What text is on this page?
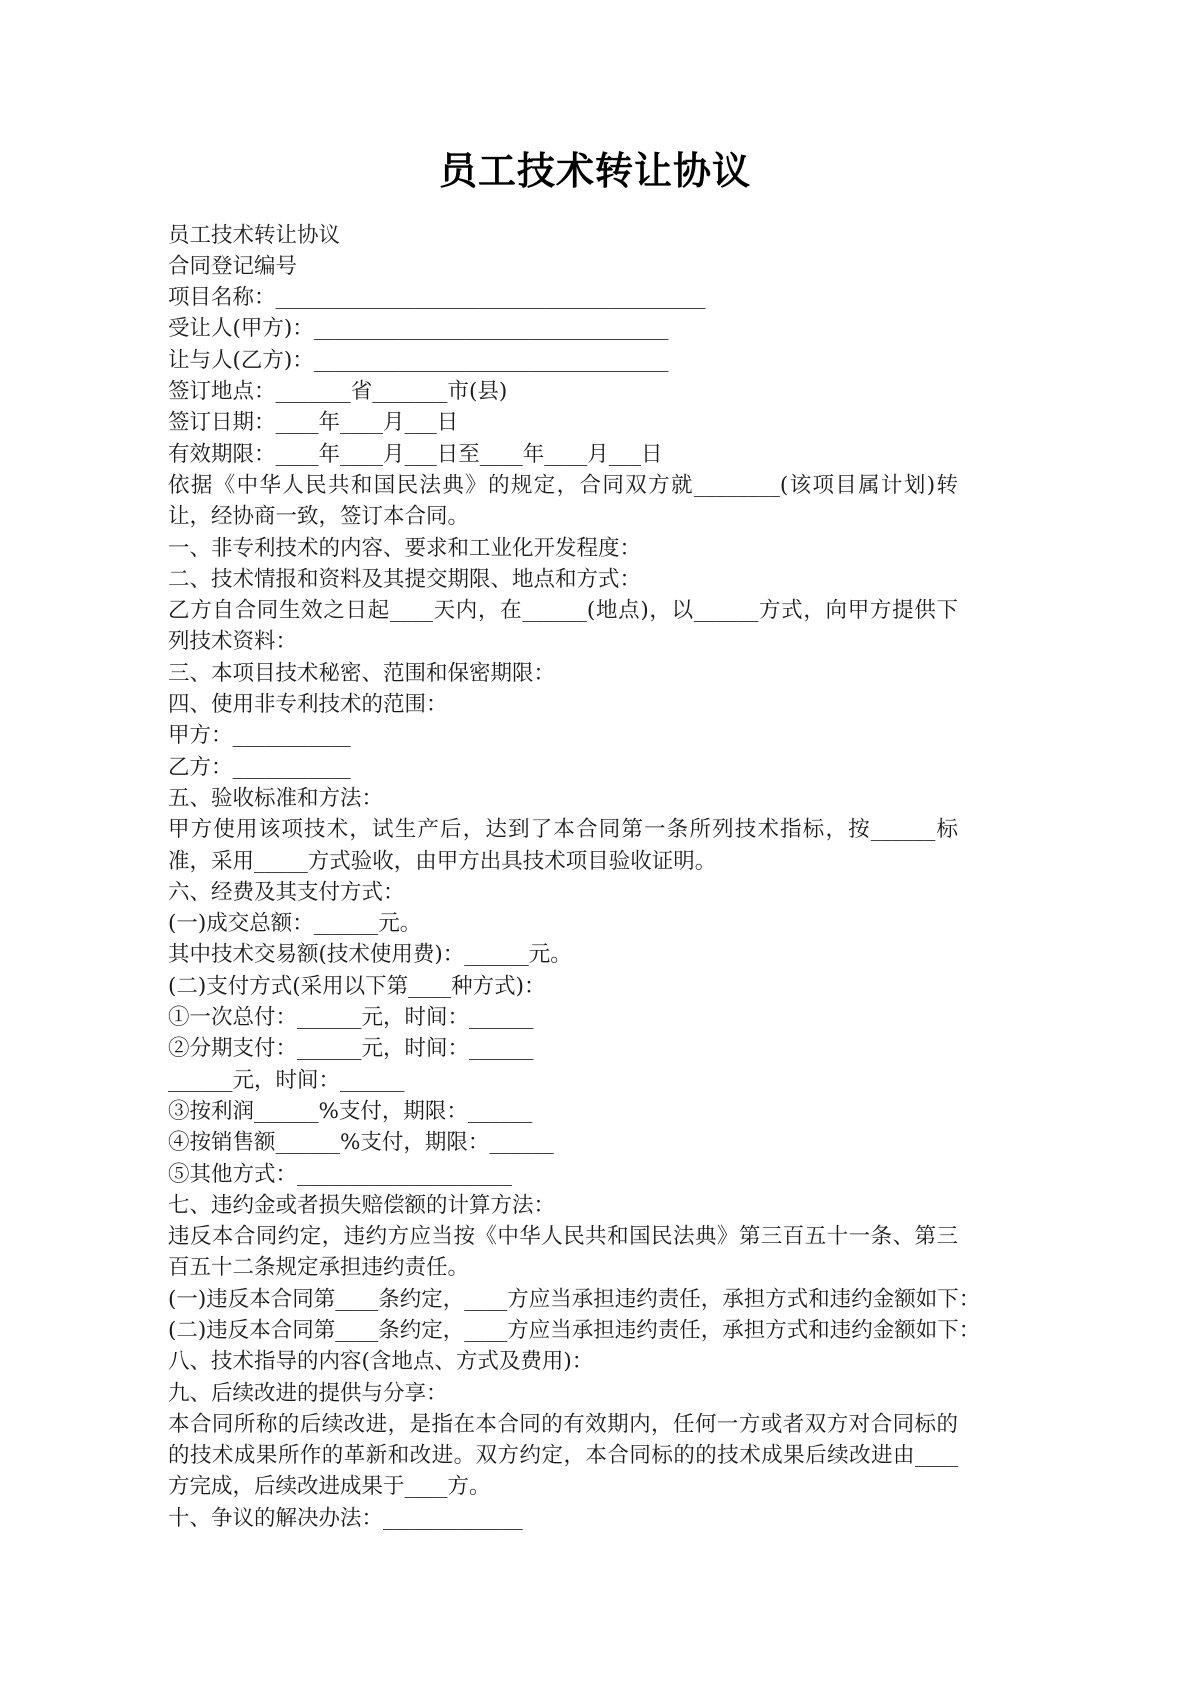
员工技术转让协议

员工技术转让协议

合同登记编号

项目名称：________________________________________

受让人(甲方)：_________________________________

让与人(乙方)：_________________________________

签订地点：_______省_______市(县)

签订日期：____年____月___日

有效期限：____年____月___日至____年____月___日

依据《中华人民共和国民法典》的规定，合同双方就________(该项目属计划)转让，经协商一致，签订本合同。

一、非专利技术的内容、要求和工业化开发程度：

二、技术情报和资料及其提交期限、地点和方式：

乙方自合同生效之日起____天内，在______(地点)，以______方式，向甲方提供下列技术资料：

三、本项目技术秘密、范围和保密期限：

四、使用非专利技术的范围：

甲方：___________

乙方：___________

五、验收标准和方法：

甲方使用该项技术，试生产后，达到了本合同第一条所列技术指标，按______标准，采用_____方式验收，由甲方出具技术项目验收证明。

六、经费及其支付方式：

(一)成交总额：______元。

其中技术交易额(技术使用费)：______元。

(二)支付方式(采用以下第____种方式)：

①一次总付：______元，时间：______

②分期支付：______元，时间：______

______元，时间：______

③按利润______%支付，期限：______

④按销售额______%支付，期限：______

⑤其他方式：____________________

七、违约金或者损失赔偿额的计算方法：

违反本合同约定，违约方应当按《中华人民共和国民法典》第三百五十一条、第三百五十二条规定承担违约责任。

(一)违反本合同第____条约定，____方应当承担违约责任，承担方式和违约金额如下：

(二)违反本合同第____条约定，____方应当承担违约责任，承担方式和违约金额如下：

八、技术指导的内容(含地点、方式及费用)：

九、后续改进的提供与分享：

本合同所称的后续改进，是指在本合同的有效期内，任何一方或者双方对合同标的的技术成果所作的革新和改进。双方约定，本合同标的的技术成果后续改进由____方完成，后续改进成果于____方。

十、争议的解决办法：_____________
